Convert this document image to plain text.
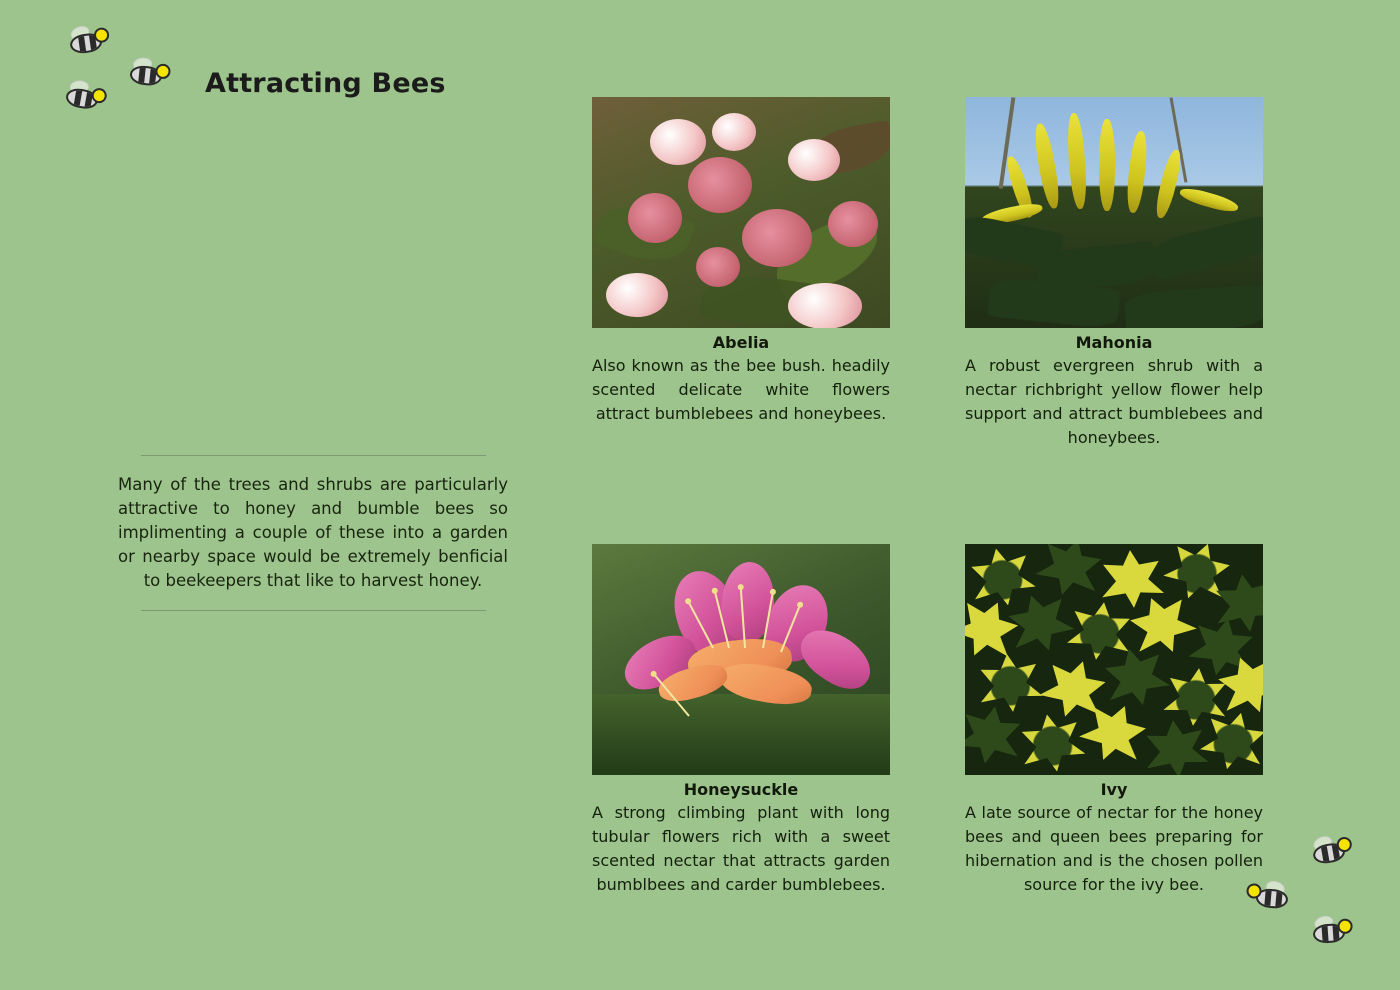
Attracting Bees

Many of the trees and shrubs are particularly attractive to honey and bumble bees so implimenting a couple of these into a garden or nearby space would be extremely benficial to beekeepers that like to harvest honey.

Abelia
Also known as the bee bush. headily scented delicate white flowers attract bumblebees and honeybees.
Mahonia
A robust evergreen shrub with a nectar richbright yellow flower help support and attract bumblebees and honeybees.
Honeysuckle
A strong climbing plant with long tubular flowers rich with a sweet scented nectar that attracts garden bumblbees and carder bumblebees.
Ivy
A late source of nectar for the honey bees and queen bees preparing for hibernation and is the chosen pollen source for the ivy bee.
